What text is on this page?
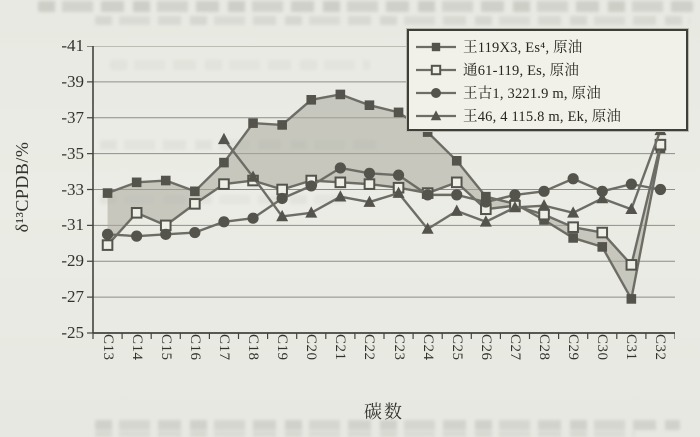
δ¹³CPDB/%
碳数
-41
-39
-37
-35
-33
-31
-29
-27
-25
C13 C14 C15 C16 C17 C18 C19 C20 C21 C22 C23 C24 C25 C26 C27 C28 C29 C30 C31 C32
王119X3, Es⁴, 原油
通61-119, Es, 原油
王古1, 3221.9 m, 原油
王46, 4 115.8 m, Ek, 原油
